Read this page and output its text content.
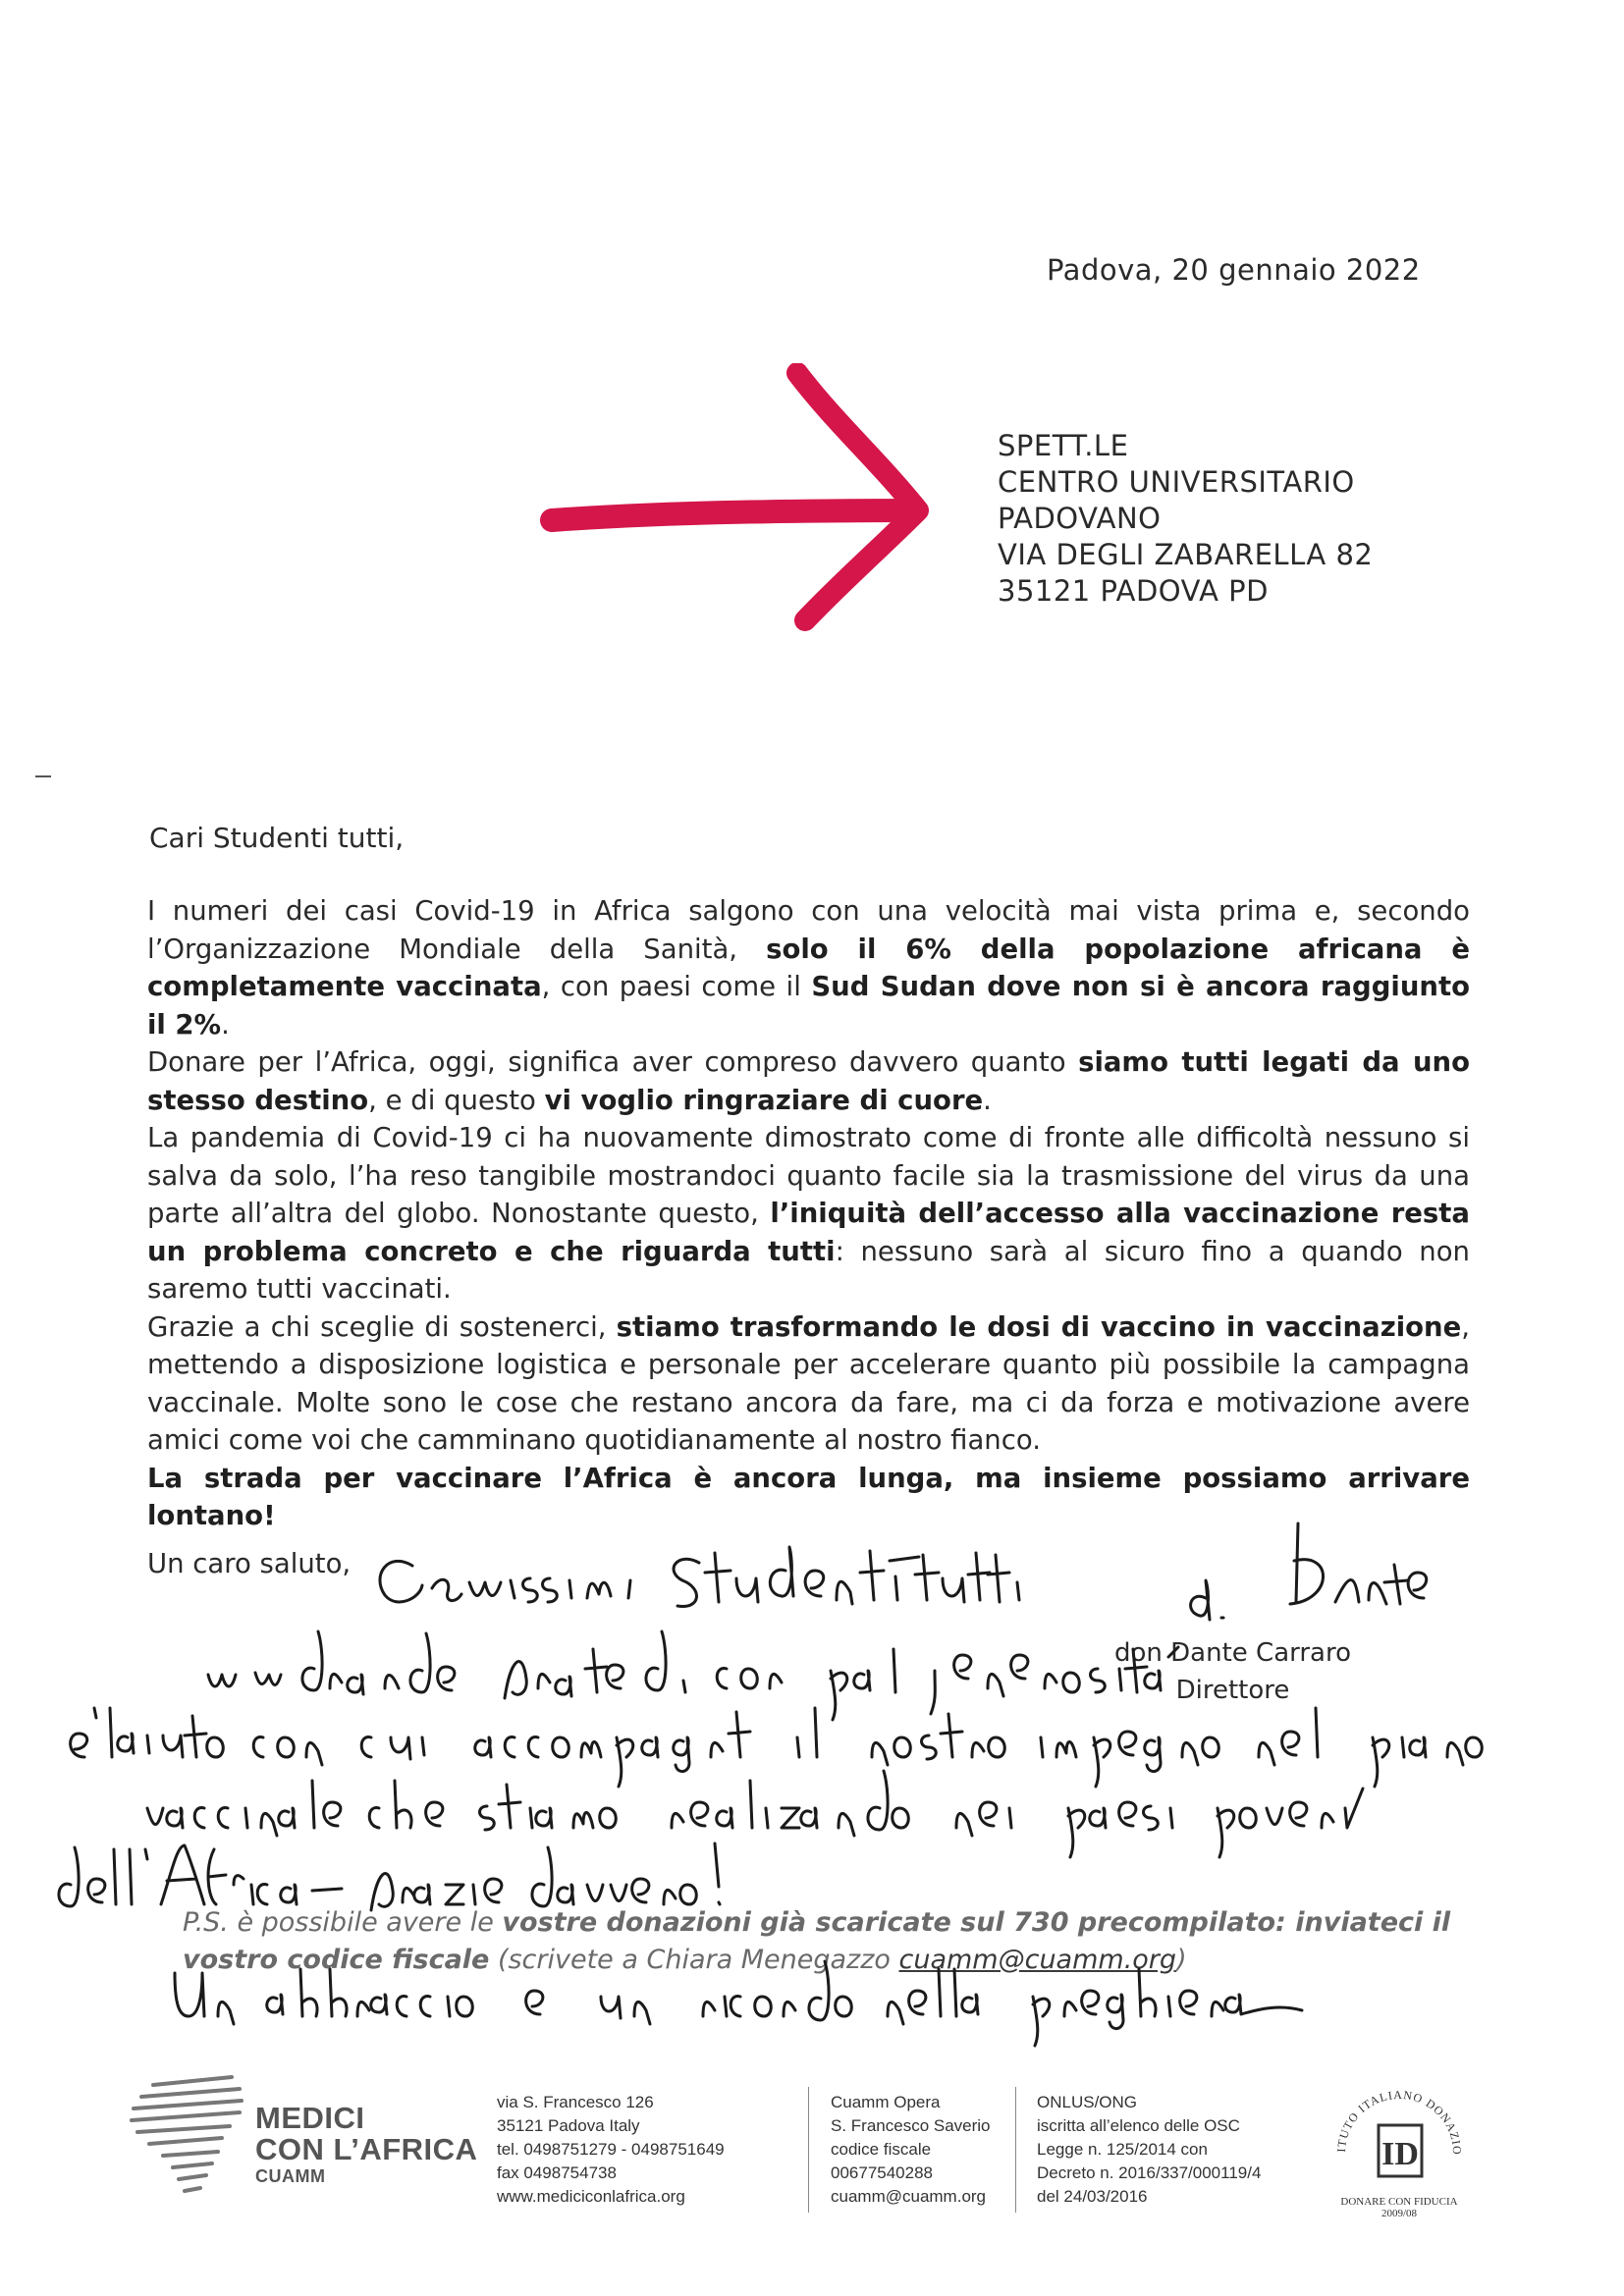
Padova, 20 gennaio 2022
SPETT.LE
CENTRO UNIVERSITARIO
PADOVANO
VIA DEGLI ZABARELLA 82
35121 PADOVA PD
Cari Studenti tutti,

I numeri dei casi Covid-19 in Africa salgono con una velocità mai vista prima e, secondo l’Organizzazione Mondiale della Sanità, solo il 6% della popolazione africana è completamente vaccinata, con paesi come il Sud Sudan dove non si è ancora raggiunto il 2%.

Donare per l’Africa, oggi, significa aver compreso davvero quanto siamo tutti legati da uno stesso destino, e di questo vi voglio ringraziare di cuore.

La pandemia di Covid-19 ci ha nuovamente dimostrato come di fronte alle difficoltà nessuno si salva da solo, l’ha reso tangibile mostrandoci quanto facile sia la trasmissione del virus da una parte all’altra del globo. Nonostante questo, l’iniquità dell’accesso alla vaccinazione resta un problema concreto e che riguarda tutti: nessuno sarà al sicuro fino a quando non saremo tutti vaccinati.

Grazie a chi sceglie di sostenerci, stiamo trasformando le dosi di vaccino in vaccinazione, mettendo a disposizione logistica e personale per accelerare quanto più possibile la campagna vaccinale. Molte sono le cose che restano ancora da fare, ma ci da forza e motivazione avere amici come voi che camminano quotidianamente al nostro fianco.

La strada per vaccinare l’Africa è ancora lunga, ma insieme possiamo arrivare lontano!

Un caro saluto,
don Dante Carraro
Direttore
P.S. è possibile avere le vostre donazioni già scaricate sul 730 precompilato: inviateci il vostro codice fiscale (scrivete a Chiara Menegazzo cuamm@cuamm.org)
MEDICI
CON L’AFRICA
CUAMM
via S. Francesco 126
35121 Padova Italy
tel. 0498751279 - 0498751649
fax 0498754738
www.mediciconlafrica.org
Cuamm Opera
S. Francesco Saverio
codice fiscale
00677540288
cuamm@cuamm.org
ONLUS/ONG
iscritta all’elenco delle OSC
Legge n. 125/2014 con
Decreto n. 2016/337/000119/4
del 24/03/2016
ITUTO ITALIANO DONAZIO
ID
DONARE CON FIDUCIA
2009/08
